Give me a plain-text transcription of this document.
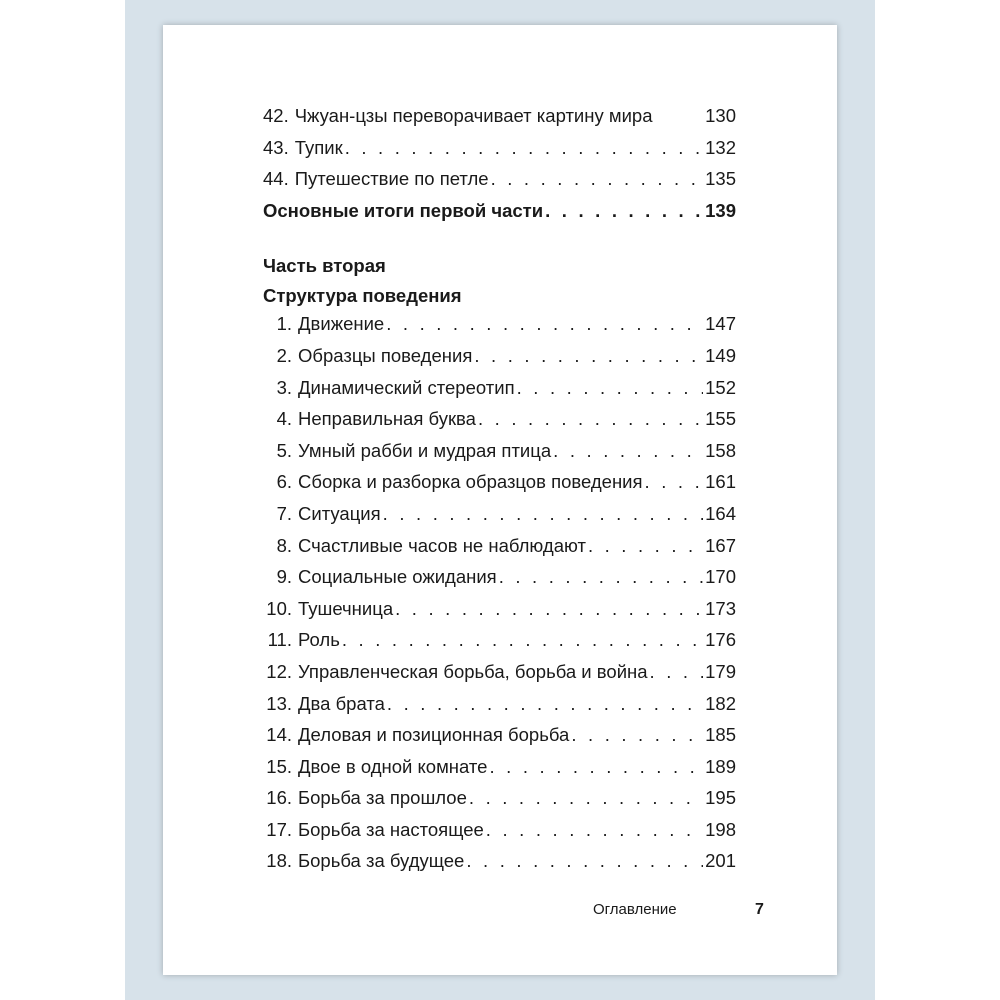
42. Чжуан-цзы переворачивает картину мира	130
43. Тупик . . .	132
44. Путешествие по петле . . .	135
Основные итоги первой части . . .	139
Часть вторая
Структура поведения
1. Движение . . .	147
2. Образцы поведения . . .	149
3. Динамический стереотип . . .	152
4. Неправильная буква . . .	155
5. Умный рабби и мудрая птица . . .	158
6. Сборка и разборка образцов поведения . . .	161
7. Ситуация . . .	164
8. Счастливые часов не наблюдают . . .	167
9. Социальные ожидания . . .	170
10. Тушечница . . .	173
11. Роль . . .	176
12. Управленческая борьба, борьба и война . . .	179
13. Два брата . . .	182
14. Деловая и позиционная борьба . . .	185
15. Двое в одной комнате . . .	189
16. Борьба за прошлое . . .	195
17. Борьба за настоящее . . .	198
18. Борьба за будущее . . .	201
Оглавление	7
